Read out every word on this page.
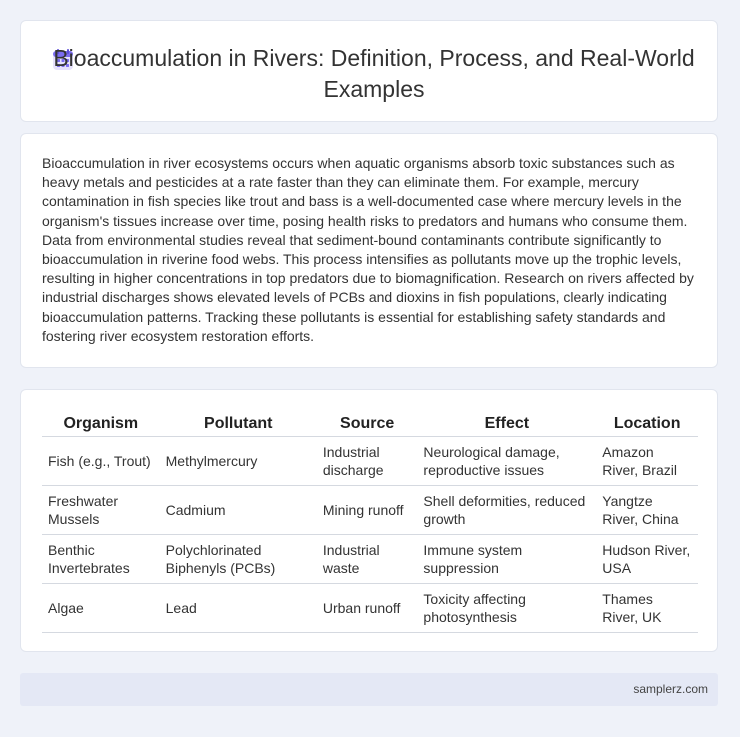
Bioaccumulation in Rivers: Definition, Process, and Real-World Examples
Bioaccumulation in river ecosystems occurs when aquatic organisms absorb toxic substances such as heavy metals and pesticides at a rate faster than they can eliminate them. For example, mercury contamination in fish species like trout and bass is a well-documented case where mercury levels in the organism's tissues increase over time, posing health risks to predators and humans who consume them. Data from environmental studies reveal that sediment-bound contaminants contribute significantly to bioaccumulation in riverine food webs. This process intensifies as pollutants move up the trophic levels, resulting in higher concentrations in top predators due to biomagnification. Research on rivers affected by industrial discharges shows elevated levels of PCBs and dioxins in fish populations, clearly indicating bioaccumulation patterns. Tracking these pollutants is essential for establishing safety standards and fostering river ecosystem restoration efforts.
Organism	Pollutant	Source	Effect	Location
Fish (e.g., Trout)	Methylmercury	Industrial discharge	Neurological damage, reproductive issues	Amazon River, Brazil
Freshwater Mussels	Cadmium	Mining runoff	Shell deformities, reduced growth	Yangtze River, China
Benthic Invertebrates	Polychlorinated Biphenyls (PCBs)	Industrial waste	Immune system suppression	Hudson River, USA
Algae	Lead	Urban runoff	Toxicity affecting photosynthesis	Thames River, UK
samplerz.com
